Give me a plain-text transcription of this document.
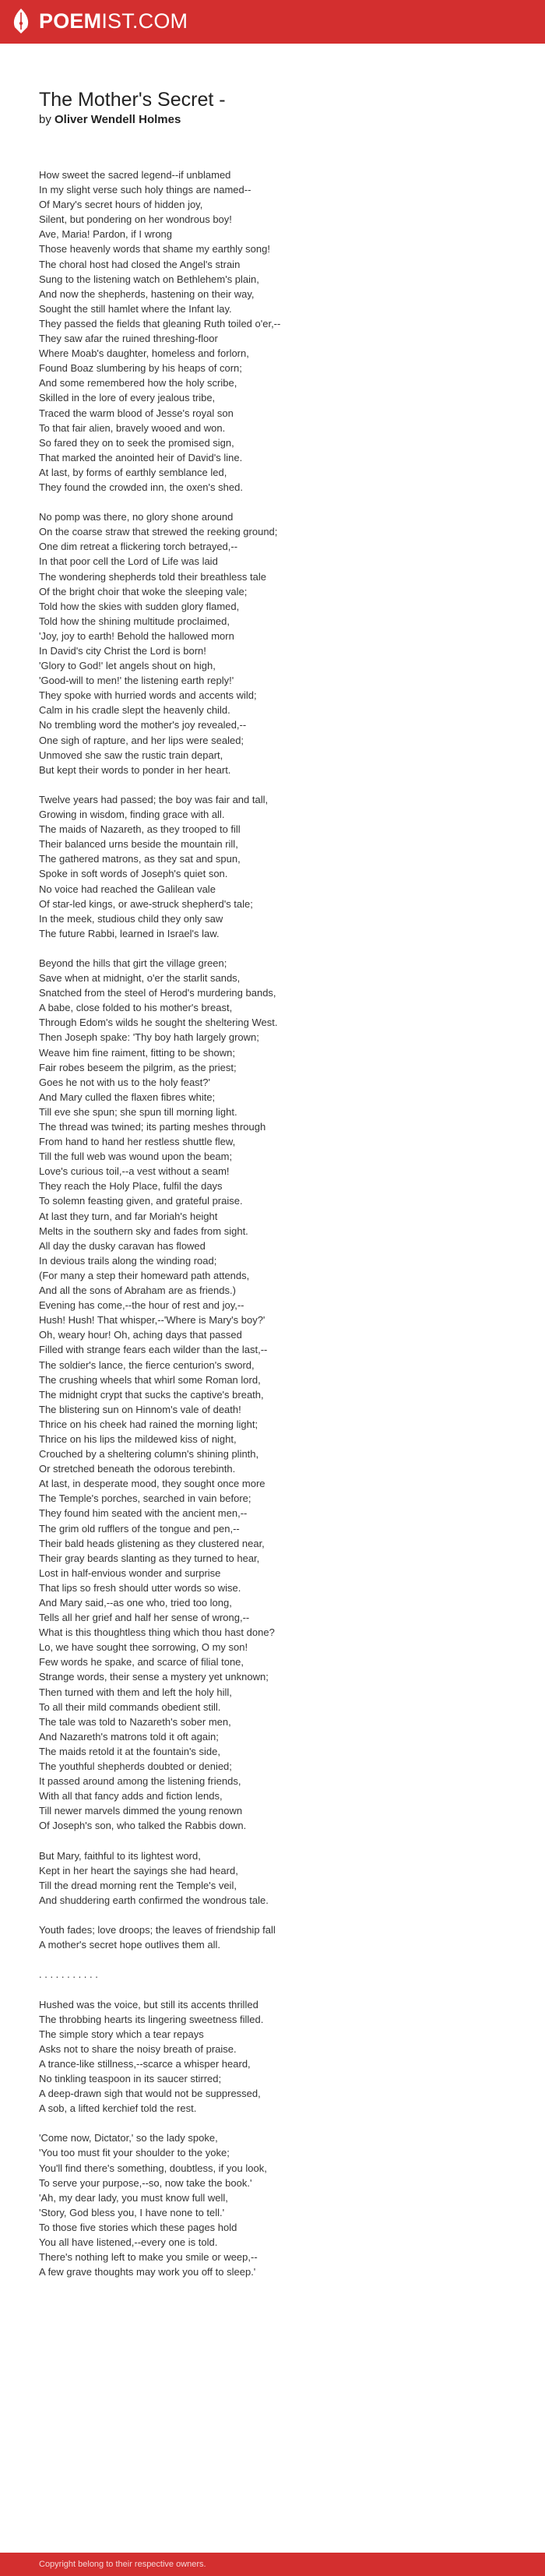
POEMIST.COM
The Mother's Secret -
by Oliver Wendell Holmes
How sweet the sacred legend--if unblamed
In my slight verse such holy things are named--
Of Mary's secret hours of hidden joy,
Silent, but pondering on her wondrous boy!
Ave, Maria! Pardon, if I wrong
Those heavenly words that shame my earthly song!
The choral host had closed the Angel's strain
Sung to the listening watch on Bethlehem's plain,
And now the shepherds, hastening on their way,
Sought the still hamlet where the Infant lay.
They passed the fields that gleaning Ruth toiled o'er,--
They saw afar the ruined threshing-floor
Where Moab's daughter, homeless and forlorn,
Found Boaz slumbering by his heaps of corn;
And some remembered how the holy scribe,
Skilled in the lore of every jealous tribe,
Traced the warm blood of Jesse's royal son
To that fair alien, bravely wooed and won.
So fared they on to seek the promised sign,
That marked the anointed heir of David's line.
At last, by forms of earthly semblance led,
They found the crowded inn, the oxen's shed.
No pomp was there, no glory shone around
On the coarse straw that strewed the reeking ground;
One dim retreat a flickering torch betrayed,--
In that poor cell the Lord of Life was laid
The wondering shepherds told their breathless tale
Of the bright choir that woke the sleeping vale;
Told how the skies with sudden glory flamed,
Told how the shining multitude proclaimed,
'Joy, joy to earth! Behold the hallowed morn
In David's city Christ the Lord is born!
'Glory to God!' let angels shout on high,
'Good-will to men!' the listening earth reply!'
They spoke with hurried words and accents wild;
Calm in his cradle slept the heavenly child.
No trembling word the mother's joy revealed,--
One sigh of rapture, and her lips were sealed;
Unmoved she saw the rustic train depart,
But kept their words to ponder in her heart.
Twelve years had passed; the boy was fair and tall,
Growing in wisdom, finding grace with all.
The maids of Nazareth, as they trooped to fill
Their balanced urns beside the mountain rill,
The gathered matrons, as they sat and spun,
Spoke in soft words of Joseph's quiet son.
No voice had reached the Galilean vale
Of star-led kings, or awe-struck shepherd's tale;
In the meek, studious child they only saw
The future Rabbi, learned in Israel's law.
Beyond the hills that girt the village green;
Save when at midnight, o'er the starlit sands,
Snatched from the steel of Herod's murdering bands,
A babe, close folded to his mother's breast,
Through Edom's wilds he sought the sheltering West.
Then Joseph spake: 'Thy boy hath largely grown;
Weave him fine raiment, fitting to be shown;
Fair robes beseem the pilgrim, as the priest;
Goes he not with us to the holy feast?'
And Mary culled the flaxen fibres white;
Till eve she spun; she spun till morning light.
The thread was twined; its parting meshes through
From hand to hand her restless shuttle flew,
Till the full web was wound upon the beam;
Love's curious toil,--a vest without a seam!
They reach the Holy Place, fulfil the days
To solemn feasting given, and grateful praise.
At last they turn, and far Moriah's height
Melts in the southern sky and fades from sight.
All day the dusky caravan has flowed
In devious trails along the winding road;
(For many a step their homeward path attends,
And all the sons of Abraham are as friends.)
Evening has come,--the hour of rest and joy,--
Hush! Hush! That whisper,--'Where is Mary's boy?'
Oh, weary hour! Oh, aching days that passed
Filled with strange fears each wilder than the last,--
The soldier's lance, the fierce centurion's sword,
The crushing wheels that whirl some Roman lord,
The midnight crypt that sucks the captive's breath,
The blistering sun on Hinnom's vale of death!
Thrice on his cheek had rained the morning light;
Thrice on his lips the mildewed kiss of night,
Crouched by a sheltering column's shining plinth,
Or stretched beneath the odorous terebinth.
At last, in desperate mood, they sought once more
The Temple's porches, searched in vain before;
They found him seated with the ancient men,--
The grim old rufflers of the tongue and pen,--
Their bald heads glistening as they clustered near,
Their gray beards slanting as they turned to hear,
Lost in half-envious wonder and surprise
That lips so fresh should utter words so wise.
And Mary said,--as one who, tried too long,
Tells all her grief and half her sense of wrong,--
What is this thoughtless thing which thou hast done?
Lo, we have sought thee sorrowing, O my son!
Few words he spake, and scarce of filial tone,
Strange words, their sense a mystery yet unknown;
Then turned with them and left the holy hill,
To all their mild commands obedient still.
The tale was told to Nazareth's sober men,
And Nazareth's matrons told it oft again;
The maids retold it at the fountain's side,
The youthful shepherds doubted or denied;
It passed around among the listening friends,
With all that fancy adds and fiction lends,
Till newer marvels dimmed the young renown
Of Joseph's son, who talked the Rabbis down.
But Mary, faithful to its lightest word,
Kept in her heart the sayings she had heard,
Till the dread morning rent the Temple's veil,
And shuddering earth confirmed the wondrous tale.
Youth fades; love droops; the leaves of friendship fall
A mother's secret hope outlives them all.
. . . . . . . . . . .
Hushed was the voice, but still its accents thrilled
The throbbing hearts its lingering sweetness filled.
The simple story which a tear repays
Asks not to share the noisy breath of praise.
A trance-like stillness,--scarce a whisper heard,
No tinkling teaspoon in its saucer stirred;
A deep-drawn sigh that would not be suppressed,
A sob, a lifted kerchief told the rest.
'Come now, Dictator,' so the lady spoke,
'You too must fit your shoulder to the yoke;
You'll find there's something, doubtless, if you look,
To serve your purpose,--so, now take the book.'
'Ah, my dear lady, you must know full well,
'Story, God bless you, I have none to tell.'
To those five stories which these pages hold
You all have listened,--every one is told.
There's nothing left to make you smile or weep,--
A few grave thoughts may work you off to sleep.'
Copyright belong to their respective owners.
